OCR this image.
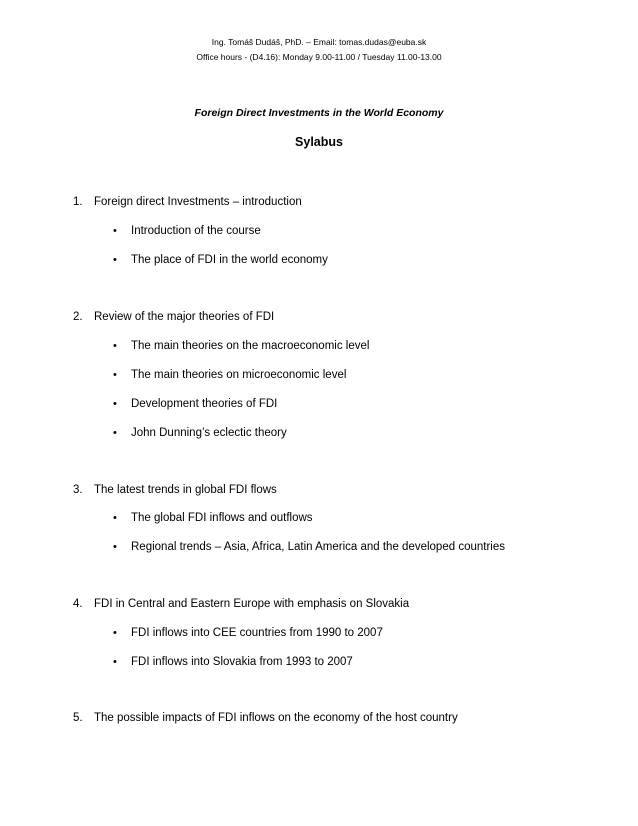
Ing. Tomáš Dudáš, PhD. – Email: tomas.dudas@euba.sk
Office hours - (D4.16): Monday 9.00-11.00 / Tuesday 11.00-13.00
Foreign Direct Investments in the World Economy
Sylabus
1. Foreign direct Investments – introduction
• Introduction of the course
• The place of FDI in the world economy
2. Review of the major theories of FDI
• The main theories on the macroeconomic level
• The main theories on microeconomic level
• Development theories of FDI
• John Dunning’s eclectic theory
3. The latest trends in global FDI flows
• The global FDI inflows and outflows
• Regional trends – Asia, Africa, Latin America and the developed countries
4. FDI in Central and Eastern Europe with emphasis on Slovakia
• FDI inflows into CEE countries from 1990 to 2007
• FDI inflows into Slovakia from 1993 to 2007
5. The possible impacts of FDI inflows on the economy of the host country
